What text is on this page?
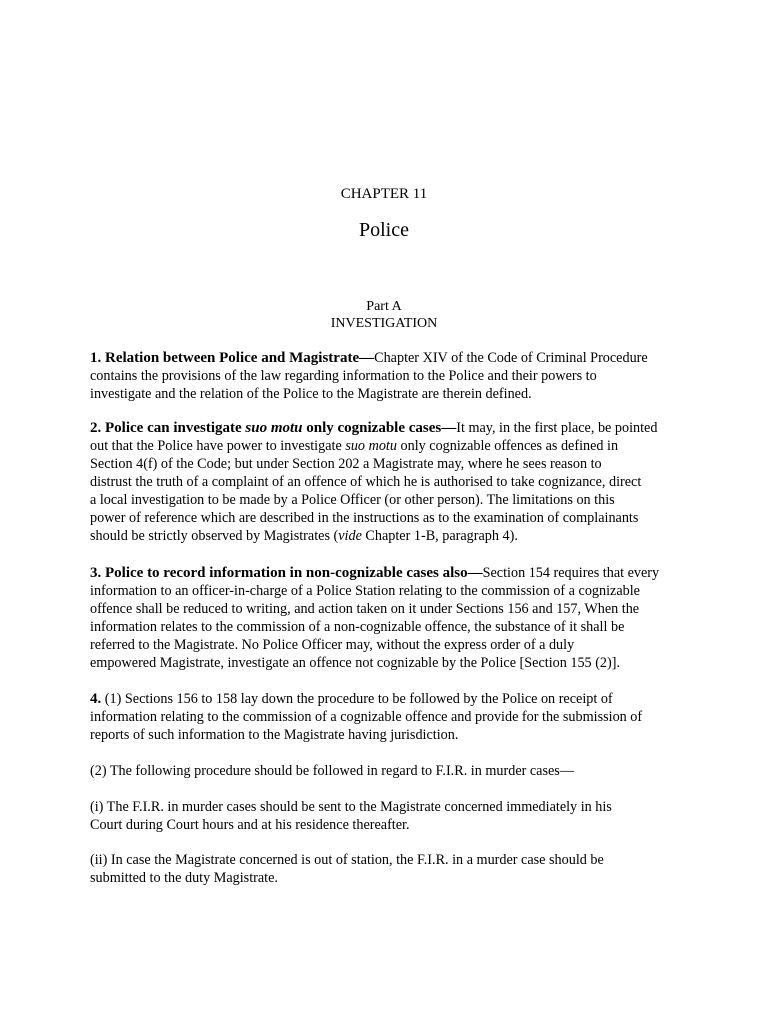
CHAPTER 11
Police
Part A
INVESTIGATION

1. Relation between Police and Magistrate—Chapter XIV of the Code of Criminal Procedure

contains the provisions of the law regarding information to the Police and their powers to

investigate and the relation of the Police to the Magistrate are therein defined.

2. Police can investigate suo motu only cognizable cases—It may, in the first place, be pointed

out that the Police have power to investigate suo motu only cognizable offences as defined in

Section 4(f) of the Code; but under Section 202 a Magistrate may, where he sees reason to

distrust the truth of a complaint of an offence of which he is authorised to take cognizance, direct

a local investigation to be made by a Police Officer (or other person). The limitations on this

power of reference which are described in the instructions as to the examination of complainants

should be strictly observed by Magistrates (vide Chapter 1-B, paragraph 4).

3. Police to record information in non-cognizable cases also—Section 154 requires that every

information to an officer-in-charge of a Police Station relating to the commission of a cognizable

offence shall be reduced to writing, and action taken on it under Sections 156 and 157, When the

information relates to the commission of a non-cognizable offence, the substance of it shall be

referred to the Magistrate. No Police Officer may, without the express order of a duly

empowered Magistrate, investigate an offence not cognizable by the Police [Section 155 (2)].

4. (1) Sections 156 to 158 lay down the procedure to be followed by the Police on receipt of

information relating to the commission of a cognizable offence and provide for the submission of

reports of such information to the Magistrate having jurisdiction.

(2) The following procedure should be followed in regard to F.I.R. in murder cases—

(i) The F.I.R. in murder cases should be sent to the Magistrate concerned immediately in his

Court during Court hours and at his residence thereafter.

(ii) In case the Magistrate concerned is out of station, the F.I.R. in a murder case should be

submitted to the duty Magistrate.
